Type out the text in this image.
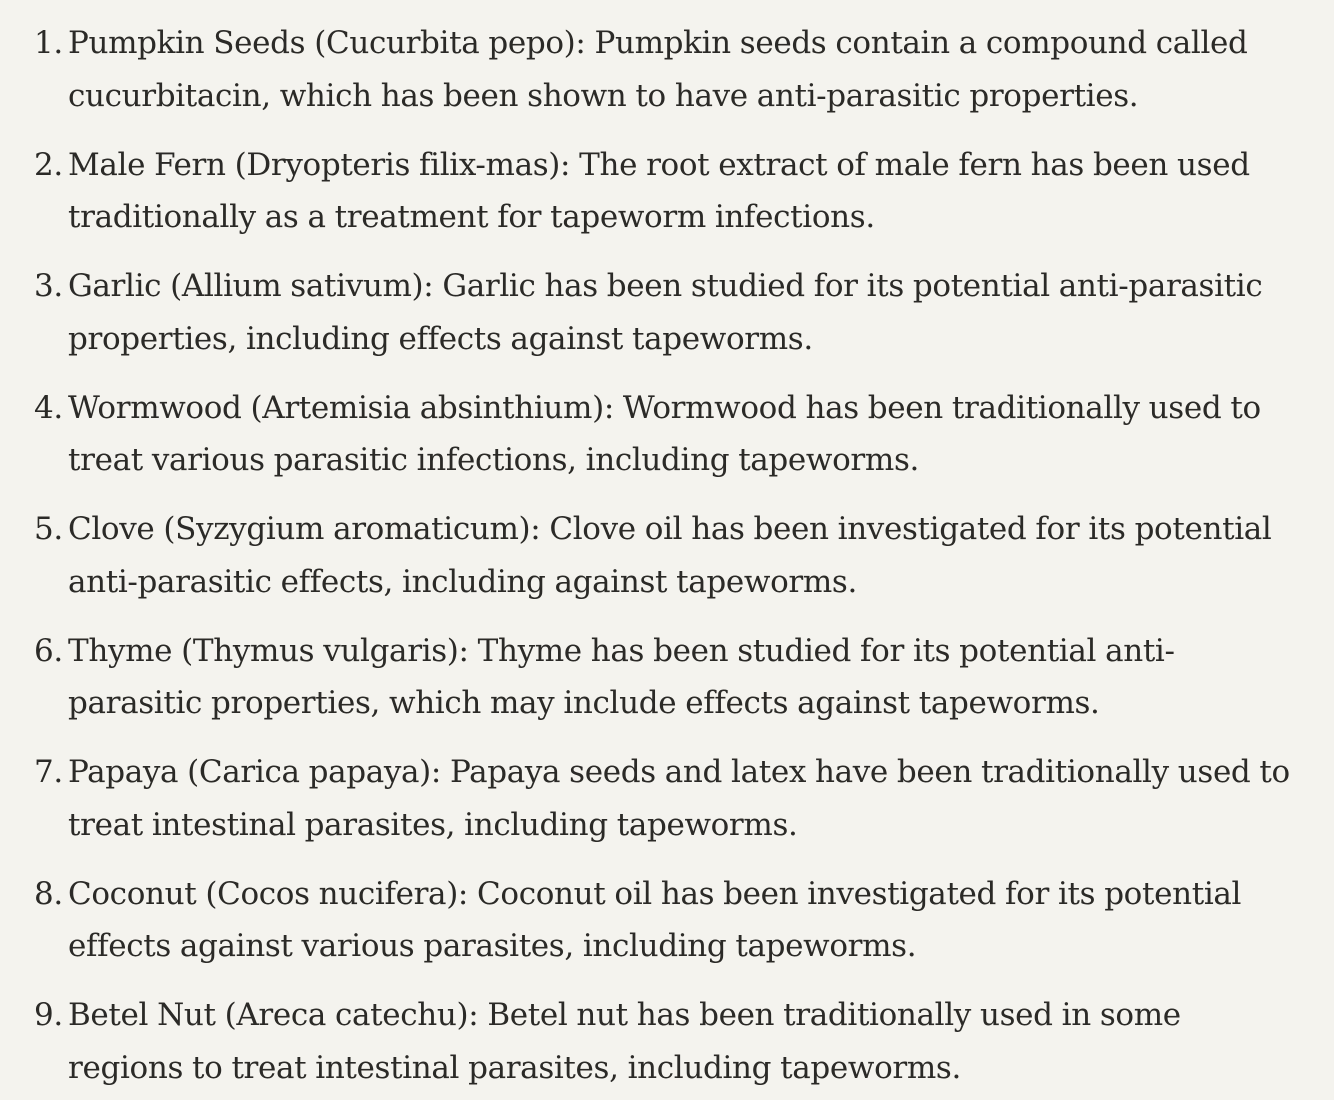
1. Pumpkin Seeds (Cucurbita pepo): Pumpkin seeds contain a compound called cucurbitacin, which has been shown to have anti-parasitic properties.
2. Male Fern (Dryopteris filix-mas): The root extract of male fern has been used traditionally as a treatment for tapeworm infections.
3. Garlic (Allium sativum): Garlic has been studied for its potential anti-parasitic properties, including effects against tapeworms.
4. Wormwood (Artemisia absinthium): Wormwood has been traditionally used to treat various parasitic infections, including tapeworms.
5. Clove (Syzygium aromaticum): Clove oil has been investigated for its potential anti-parasitic effects, including against tapeworms.
6. Thyme (Thymus vulgaris): Thyme has been studied for its potential anti-parasitic properties, which may include effects against tapeworms.
7. Papaya (Carica papaya): Papaya seeds and latex have been traditionally used to treat intestinal parasites, including tapeworms.
8. Coconut (Cocos nucifera): Coconut oil has been investigated for its potential effects against various parasites, including tapeworms.
9. Betel Nut (Areca catechu): Betel nut has been traditionally used in some regions to treat intestinal parasites, including tapeworms.
